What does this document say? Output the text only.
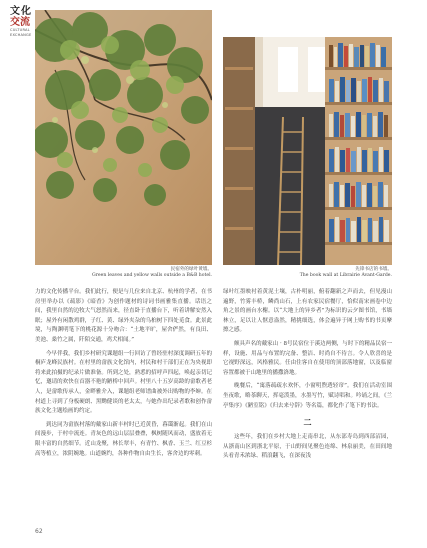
文化
交流
CULTURAL EXCHANGE
民宿外的绿叶黄墙。
Green leaves and yellow walls outside a B&B hotel.
先锋书店的书墙。
The book wall at Librairie Avant-Garde.

力的文化传播平台。我们此行，便是与几位来自北京、杭州的学者，在书房里举办以《疏影》《暗香》为创作题材的诗词书画雅集直播。话语之间，我里自然的边牧大气怒然而来，径直卧于直播台下，听着讲解安然入眠；屋外有闲散鸡群，子红、黄、绿外夹杂的乌桕树下四处觅食。此景此境，与陶渊明笔下的桃花源十分吻合：“土地平旷，屋舍俨然，有良田、美池、桑竹之属，阡陌交通，鸡犬相闻。”

今早伴我，我们乡村研究课题组一行回访了曾经驻村深度调研五年的桐庐龙峰民族村。在村里的畲族文化馆内，村民和村干部们正在为央视即将来此拍摄的纪录片做准备。所到之处，熟悉的招呼声四起，唤起亲切记忆，邀请的欢快在首器不艳的陋桥中回声。村里八十五岁高龄的畲歌者老人，是畲歌传承人，金畔雅介入，课题组老师谱曲被外出购物的李婶。在村道上寻到了身板硬朗、黑黝健谈的老太太，与她作出纪录者歌和创作畲族文化主题绘画的约定。

到达同为畲族村落的戴家山新丰村时已近黄昏，暮霭渐起。我们在山间漫步，于村中流连。青灰色的远山层层叠叠，枫树随风而动，盛放着无限丰富的自然细节。近山龙聚，林长翠丰，有青竹、枫香、玉兰、红豆杉高等植立，浓阴婉地。山道婉约，各种作物自由生长，客舍边的零刺。

绿叶红墨映衬着黄泥土壤，古朴明丽，俯着翻新之声而去，但见漫山遍野，竹雾丰桥，鳞尚山石，上有农家民宿餐厅，恰似南宋画卷中边角之景的画台水榭。以“大地上的异乡者”为标识的云夕图书馆，书墙林立，足以让人惬意盎然，精挑细选，体会遍异于网上购书的书页摩擦之感。

颇具声名的戴家山 · 8号民宿位于溪边两侧，与时下的精品民宿一样，设施、用品与布置的完备、整洁、时尚自不待言。令人欣喜的是它视野深远，风格雅民。任由住客自在使用的顶部落地窗，以及临窗容置都被于山地里的播撒洛地。

晚餐后，“寓落疏疏水欢怀，小窗明煦透轻帘”。我们在活动室围坐夜歌，略茶聊天，挥毫泼墨，水墨写竹，赋诗唱和。吟诵之间，《兰亭集序》《陋室铭》《归去来兮辞》等名篇，都化作了笔下的书法。

二

这些年，我们在乡村大地上走南串北，从东部寿岛到西部沼园，从浙南山区到浙北平原，于山野间见聚色连绵、林泉丽美，在田间地头看青禾浓绿、稻浪翻飞，在深夜浅

62
